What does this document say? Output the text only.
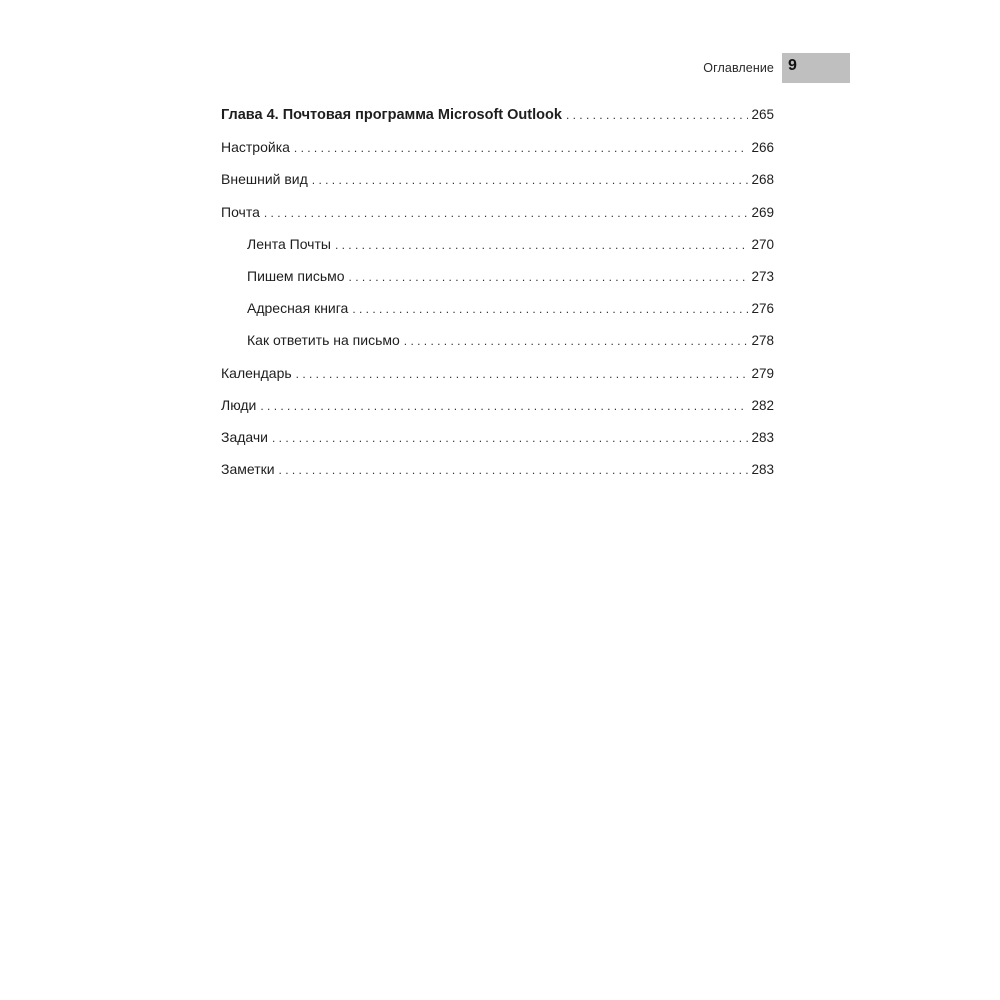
Оглавление 9
Глава 4. Почтовая программа Microsoft Outlook . . .	265
Настройка . . .	266
Внешний вид . . .	268
Почта . . .	269
Лента Почты . . .	270
Пишем письмо . . .	273
Адресная книга . . .	276
Как ответить на письмо . . .	278
Календарь . . .	279
Люди . . .	282
Задачи . . .	283
Заметки . . .	283
